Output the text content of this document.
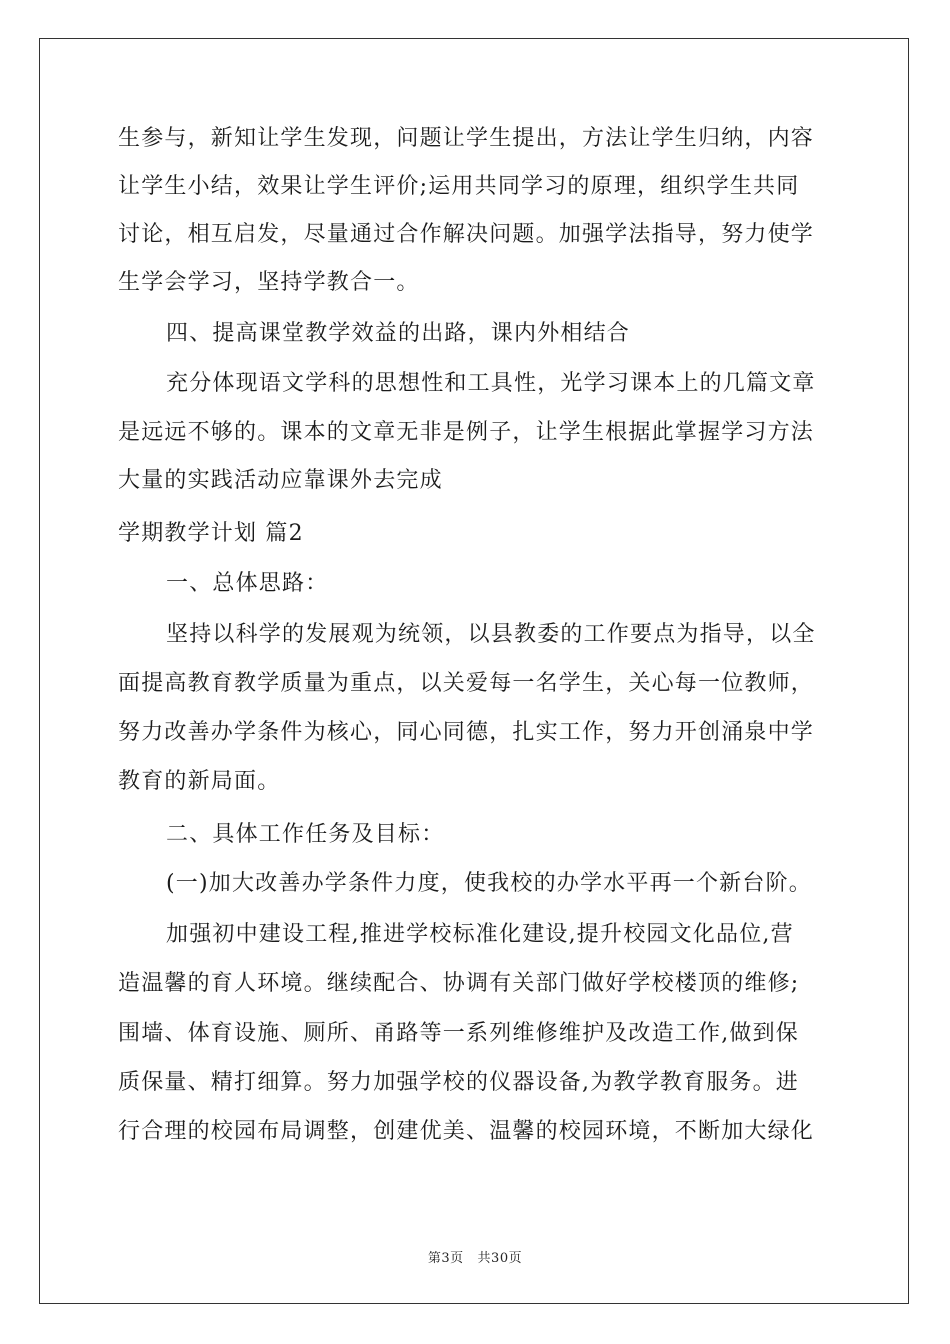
生参与，新知让学生发现，问题让学生提出，方法让学生归纳，内容
让学生小结，效果让学生评价;运用共同学习的原理，组织学生共同
讨论，相互启发，尽量通过合作解决问题。加强学法指导，努力使学
生学会学习，坚持学教合一。
四、提高课堂教学效益的出路，课内外相结合
充分体现语文学科的思想性和工具性，光学习课本上的几篇文章
是远远不够的。课本的文章无非是例子，让学生根据此掌握学习方法
大量的实践活动应靠课外去完成
学期教学计划 篇2
一、总体思路：
坚持以科学的发展观为统领，以县教委的工作要点为指导，以全
面提高教育教学质量为重点，以关爱每一名学生，关心每一位教师，
努力改善办学条件为核心，同心同德，扎实工作，努力开创涌泉中学
教育的新局面。
二、具体工作任务及目标：
(一)加大改善办学条件力度，使我校的办学水平再一个新台阶。
加强初中建设工程,推进学校标准化建设,提升校园文化品位,营
造温馨的育人环境。继续配合、协调有关部门做好学校楼顶的维修;
围墙、体育设施、厕所、甬路等一系列维修维护及改造工作,做到保
质保量、精打细算。努力加强学校的仪器设备,为教学教育服务。进
行合理的校园布局调整，创建优美、温馨的校园环境，不断加大绿化
第3页   共30页
